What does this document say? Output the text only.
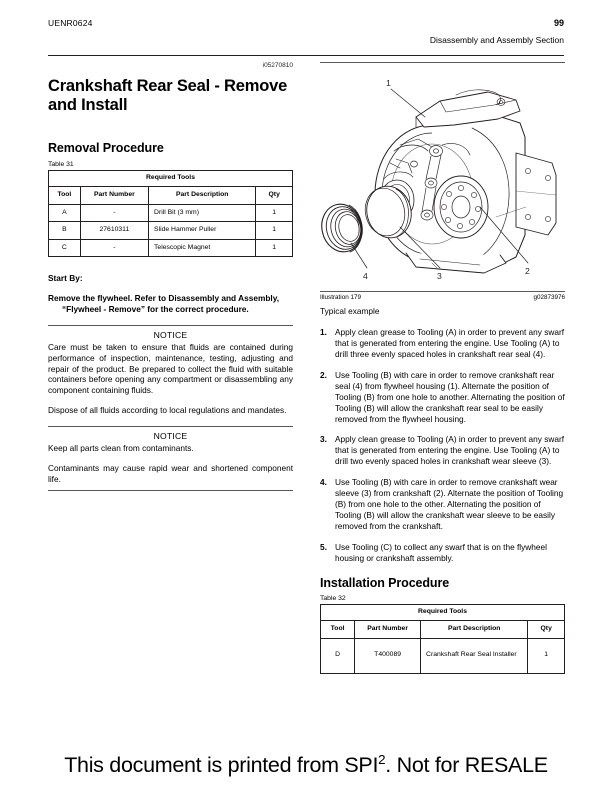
UENR0624	99
Disassembly and Assembly Section
i05270810
Crankshaft Rear Seal - Remove and Install
Removal Procedure
Table 31
Required Tools			
Tool	Part Number	Part Description	Qty
A	-	Drill Bit (3 mm)	1
B	27610311	Slide Hammer Puller	1
C	-	Telescopic Magnet	1
Start By:

Remove the flywheel. Refer to Disassembly and Assembly, “Flywheel - Remove” for the correct procedure.

NOTICE

Care must be taken to ensure that fluids are contained during performance of inspection, maintenance, testing, adjusting and repair of the product. Be prepared to collect the fluid with suitable containers before opening any compartment or disassembling any component containing fluids.

Dispose of all fluids according to local regulations and mandates.

NOTICE

Keep all parts clean from contaminants.

Contaminants may cause rapid wear and shortened component life.

1
2
3
4
Illustration 179	g02873976
Typical example
1. Apply clean grease to Tooling (A) in order to prevent any swarf that is generated from entering the engine. Use Tooling (A) to drill three evenly spaced holes in crankshaft rear seal (4).
2. Use Tooling (B) with care in order to remove crankshaft rear seal (4) from flywheel housing (1). Alternate the position of Tooling (B) from one hole to another. Alternating the position of Tooling (B) will allow the crankshaft rear seal to be easily removed from the flywheel housing.
3. Apply clean grease to Tooling (A) in order to prevent any swarf that is generated from entering the engine. Use Tooling (A) to drill two evenly spaced holes in crankshaft wear sleeve (3).
4. Use Tooling (B) with care in order to remove crankshaft wear sleeve (3) from crankshaft (2). Alternate the position of Tooling (B) from one hole to the other. Alternating the position of Tooling (B) will allow the crankshaft wear sleeve to be easily removed from the crankshaft.
5. Use Tooling (C) to collect any swarf that is on the flywheel housing or crankshaft assembly.
Installation Procedure
Table 32
Required Tools			
Tool	Part Number	Part Description	Qty
D	T400089	Crankshaft Rear Seal Installer	1
This document is printed from SPI$^2$. Not for RESALE
